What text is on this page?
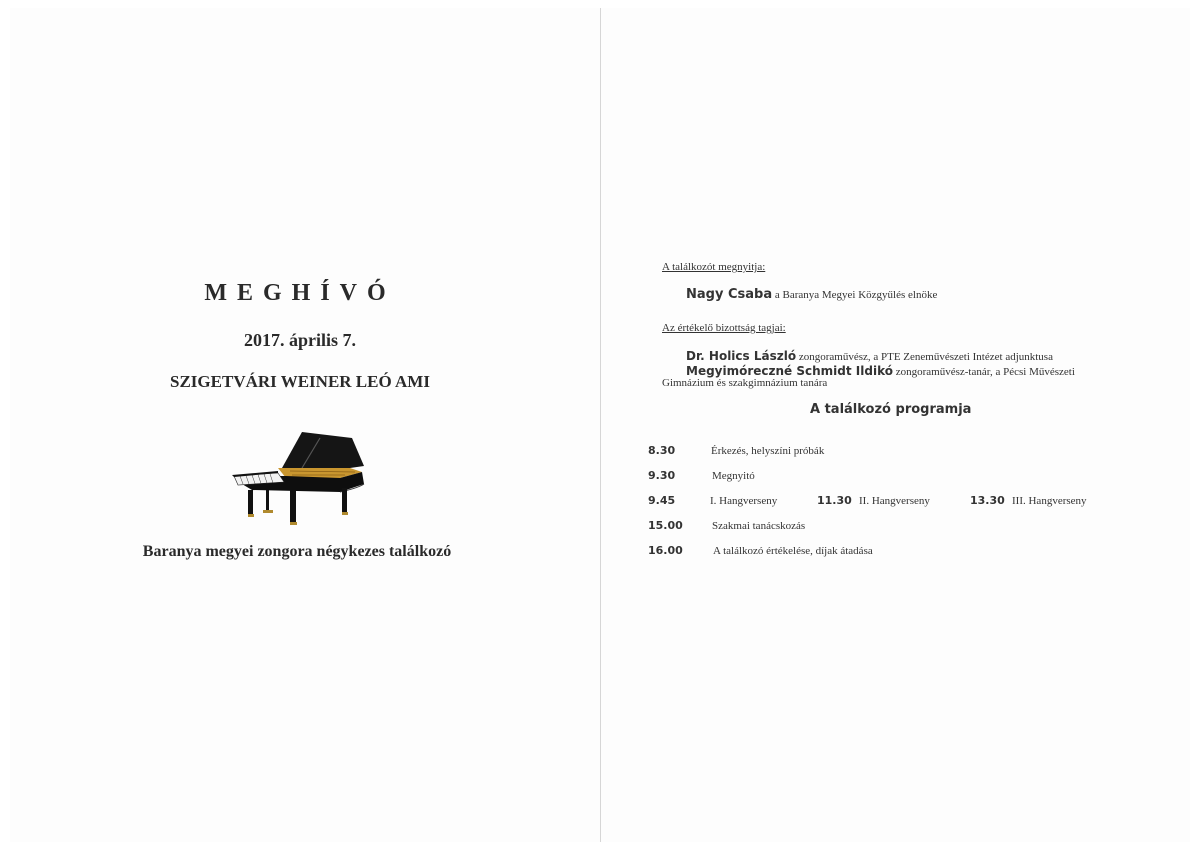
MEGHÍVÓ
2017. április 7.
SZIGETVÁRI WEINER LEÓ AMI
Baranya megyei zongora négykezes találkozó
A találkozót megnyitja:
Nagy Csaba a Baranya Megyei Közgyűlés elnöke
Az értékelő bizottság tagjai:
Dr. Holics László zongoraművész, a PTE Zeneművészeti Intézet adjunktusa
Megyimóreczné Schmidt Ildikó zongoraművész-tanár, a Pécsi Művészeti
Gimnázium és szakgimnázium tanára
A találkozó programja
8.30	Érkezés, helyszíni próbák
9.30	Megnyitó
9.45	I. Hangverseny	11.30 II. Hangverseny	13.30 III. Hangverseny
15.00	Szakmai tanácskozás
16.00	A találkozó értékelése, díjak átadása
